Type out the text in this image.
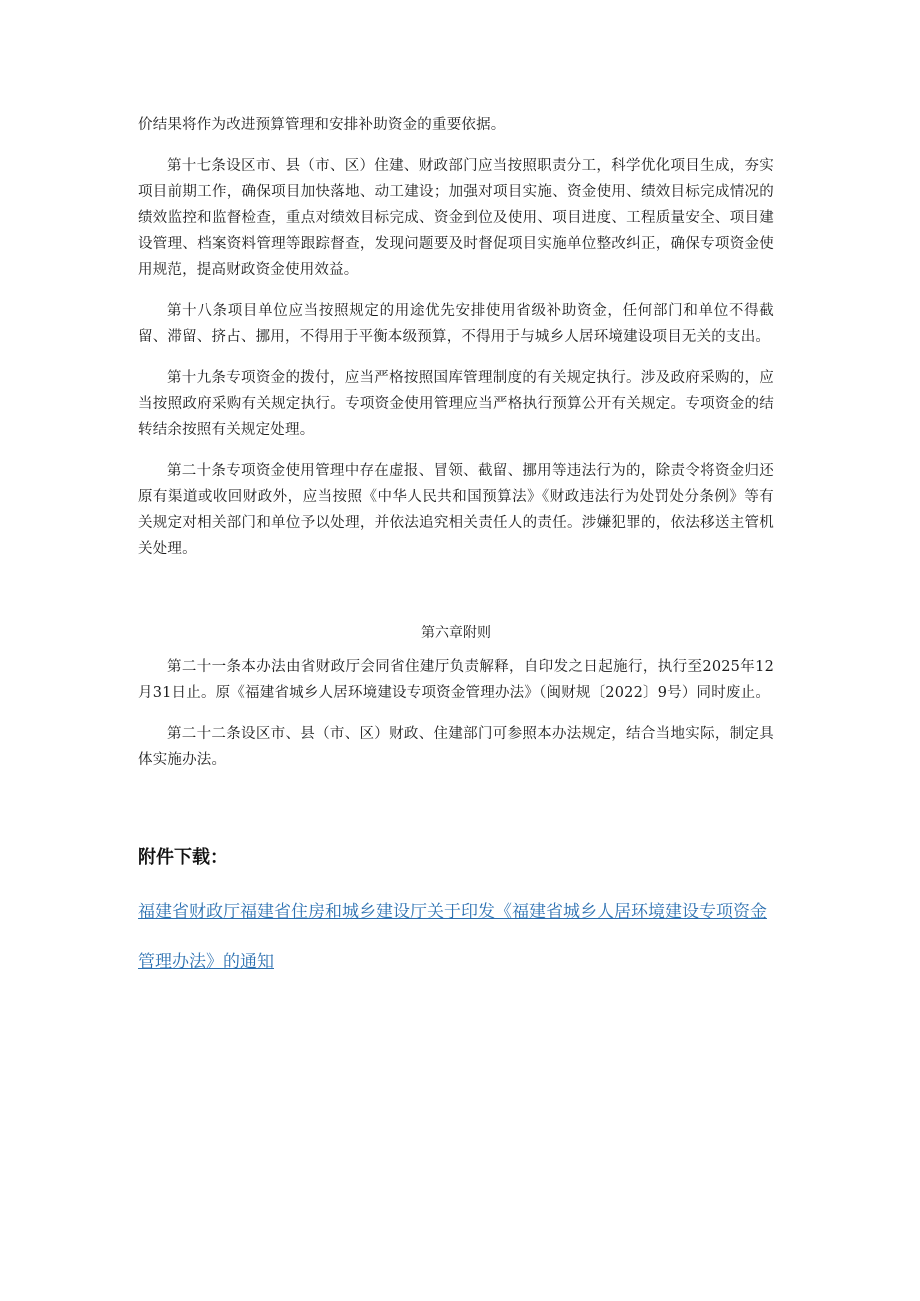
价结果将作为改进预算管理和安排补助资金的重要依据。

第十七条设区市、县（市、区）住建、财政部门应当按照职责分工，科学优化项目生成，夯实项目前期工作，确保项目加快落地、动工建设；加强对项目实施、资金使用、绩效目标完成情况的绩效监控和监督检查，重点对绩效目标完成、资金到位及使用、项目进度、工程质量安全、项目建设管理、档案资料管理等跟踪督查，发现问题要及时督促项目实施单位整改纠正，确保专项资金使用规范，提高财政资金使用效益。

第十八条项目单位应当按照规定的用途优先安排使用省级补助资金，任何部门和单位不得截留、滞留、挤占、挪用，不得用于平衡本级预算，不得用于与城乡人居环境建设项目无关的支出。

第十九条专项资金的拨付，应当严格按照国库管理制度的有关规定执行。涉及政府采购的，应当按照政府采购有关规定执行。专项资金使用管理应当严格执行预算公开有关规定。专项资金的结转结余按照有关规定处理。

第二十条专项资金使用管理中存在虚报、冒领、截留、挪用等违法行为的，除责令将资金归还原有渠道或收回财政外，应当按照《中华人民共和国预算法》《财政违法行为处罚处分条例》等有关规定对相关部门和单位予以处理，并依法追究相关责任人的责任。涉嫌犯罪的，依法移送主管机关处理。

第六章附则

第二十一条本办法由省财政厅会同省住建厅负责解释，自印发之日起施行，执行至2025年12月31日止。原《福建省城乡人居环境建设专项资金管理办法》（闽财规〔2022〕9号）同时废止。

第二十二条设区市、县（市、区）财政、住建部门可参照本办法规定，结合当地实际，制定具体实施办法。

附件下载：
福建省财政厅福建省住房和城乡建设厅关于印发《福建省城乡人居环境建设专项资金管理办法》的通知
